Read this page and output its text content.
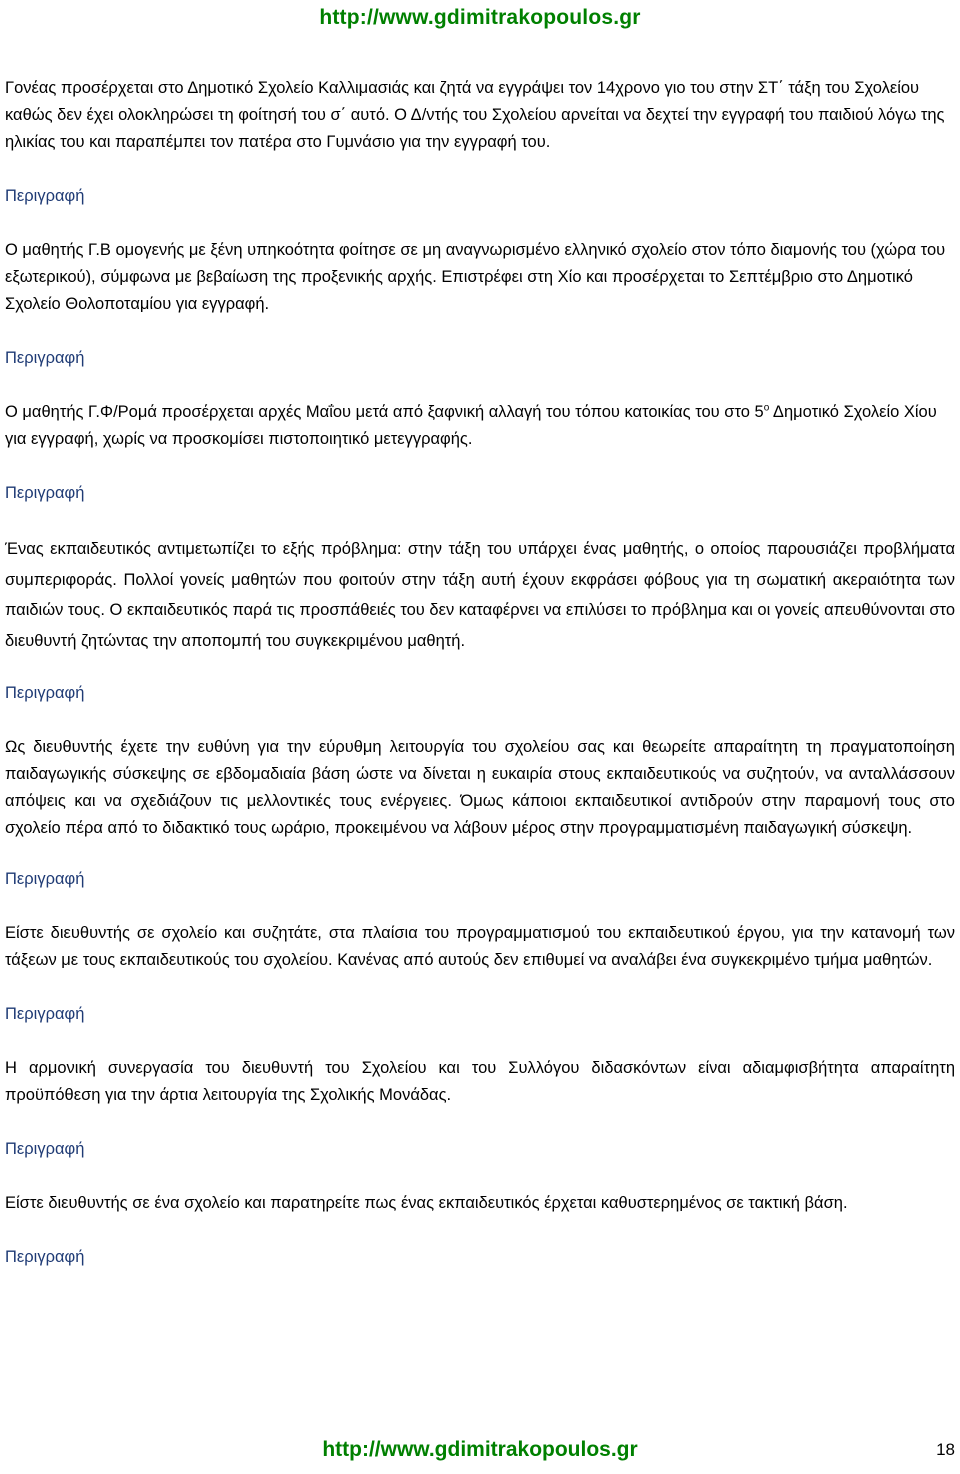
http://www.gdimitrakopoulos.gr

Γονέας προσέρχεται στο Δημοτικό Σχολείο Καλλιμασιάς και ζητά να εγγράψει τον 14χρονο γιο του στην ΣΤ΄ τάξη του Σχολείου καθώς δεν έχει ολοκληρώσει τη φοίτησή του σ΄ αυτό. Ο Δ/ντής του Σχολείου αρνείται να δεχτεί την εγγραφή του παιδιού λόγω της ηλικίας του και παραπέμπει τον πατέρα στο Γυμνάσιο για την εγγραφή του.

Περιγραφή

Ο μαθητής Γ.Β ομογενής με ξένη υπηκοότητα φοίτησε σε μη αναγνωρισμένο ελληνικό σχολείο στον τόπο διαμονής του (χώρα του εξωτερικού), σύμφωνα με βεβαίωση της προξενικής αρχής. Επιστρέφει στη Χίο και προσέρχεται το Σεπτέμβριο στο Δημοτικό Σχολείο Θολοποταμίου για εγγραφή.

Περιγραφή

Ο μαθητής Γ.Φ/Ρομά προσέρχεται αρχές Μαΐου μετά από ξαφνική αλλαγή του τόπου κατοικίας του στο $5^o$ Δημοτικό Σχολείο Χίου για εγγραφή, χωρίς να προσκομίσει πιστοποιητικό μετεγγραφής.

Περιγραφή

Ένας εκπαιδευτικός αντιμετωπίζει το εξής πρόβλημα: στην τάξη του υπάρχει ένας μαθητής, ο οποίος παρουσιάζει προβλήματα συμπεριφοράς. Πολλοί γονείς μαθητών που φοιτούν στην τάξη αυτή έχουν εκφράσει φόβους για τη σωματική ακεραιότητα των παιδιών τους. Ο εκπαιδευτικός παρά τις προσπάθειές του δεν καταφέρνει να επιλύσει το πρόβλημα και οι γονείς απευθύνονται στο διευθυντή ζητώντας την αποπομπή του συγκεκριμένου μαθητή.

Περιγραφή

Ως διευθυντής έχετε την ευθύνη για την εύρυθμη λειτουργία του σχολείου σας και θεωρείτε απαραίτητη τη πραγματοποίηση παιδαγωγικής σύσκεψης σε εβδομαδιαία βάση ώστε να δίνεται η ευκαιρία στους εκπαιδευτικούς να συζητούν, να ανταλλάσσουν απόψεις και να σχεδιάζουν τις μελλοντικές τους ενέργειες. Όμως κάποιοι εκπαιδευτικοί αντιδρούν στην παραμονή τους στο σχολείο πέρα από το διδακτικό τους ωράριο, προκειμένου να λάβουν μέρος στην προγραμματισμένη παιδαγωγική σύσκεψη.

Περιγραφή

Είστε διευθυντής σε σχολείο και συζητάτε, στα πλαίσια του προγραμματισμού του εκπαιδευτικού έργου, για την κατανομή των τάξεων με τους εκπαιδευτικούς του σχολείου. Κανένας από αυτούς δεν επιθυμεί να αναλάβει ένα συγκεκριμένο τμήμα μαθητών.

Περιγραφή

Η αρμονική συνεργασία του διευθυντή του Σχολείου και του Συλλόγου διδασκόντων είναι αδιαμφισβήτητα απαραίτητη προϋπόθεση για την άρτια λειτουργία της Σχολικής Μονάδας.

Περιγραφή

Είστε διευθυντής σε ένα σχολείο και παρατηρείτε πως ένας εκπαιδευτικός έρχεται καθυστερημένος σε τακτική βάση.

Περιγραφή

http://www.gdimitrakopoulos.gr	18
